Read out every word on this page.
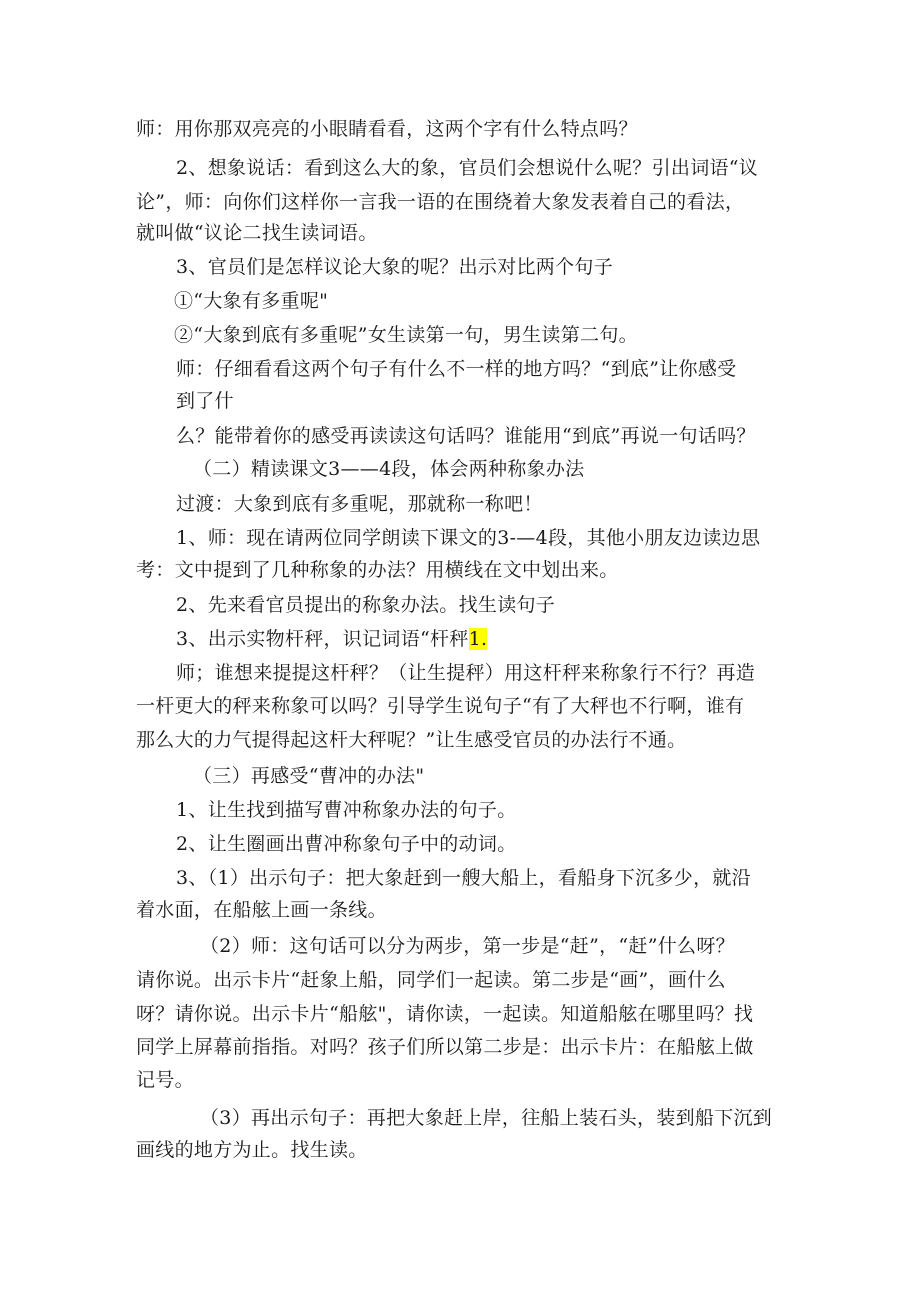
师：用你那双亮亮的小眼睛看看，这两个字有什么特点吗？
2、想象说话：看到这么大的象，官员们会想说什么呢？引出词语“议
论”，师：向你们这样你一言我一语的在围绕着大象发表着自己的看法，
就叫做“议论二找生读词语。
3、官员们是怎样议论大象的呢？出示对比两个句子
①“大象有多重呢"
②“大象到底有多重呢”女生读第一句，男生读第二句。
师：仔细看看这两个句子有什么不一样的地方吗？“到底”让你感受
到了什
么？能带着你的感受再读读这句话吗？谁能用“到底”再说一句话吗？
（二）精读课文3——4段，体会两种称象办法
过渡：大象到底有多重呢，那就称一称吧！
1、师：现在请两位同学朗读下课文的3-—4段，其他小朋友边读边思
考：文中提到了几种称象的办法？用横线在文中划出来。
2、先来看官员提出的称象办法。找生读句子
3、出示实物杆秤，识记词语“杆秤1.
师；谁想来提提这杆秤？（让生提秤）用这杆秤来称象行不行？再造
一杆更大的秤来称象可以吗？引导学生说句子“有了大秤也不行啊，谁有
那么大的力气提得起这杆大秤呢？”让生感受官员的办法行不通。
（三）再感受“曹冲的办法"
1、让生找到描写曹冲称象办法的句子。
2、让生圈画出曹冲称象句子中的动词。
3、（1）出示句子：把大象赶到一艘大船上，看船身下沉多少，就沿
着水面，在船舷上画一条线。
（2）师：这句话可以分为两步，第一步是“赶”，“赶”什么呀？
请你说。出示卡片“赶象上船，同学们一起读。第二步是“画”，画什么
呀？请你说。出示卡片“船舷"，请你读，一起读。知道船舷在哪里吗？找
同学上屏幕前指指。对吗？孩子们所以第二步是：出示卡片：在船舷上做
记号。
（3）再出示句子：再把大象赶上岸，往船上装石头，装到船下沉到
画线的地方为止。找生读。
